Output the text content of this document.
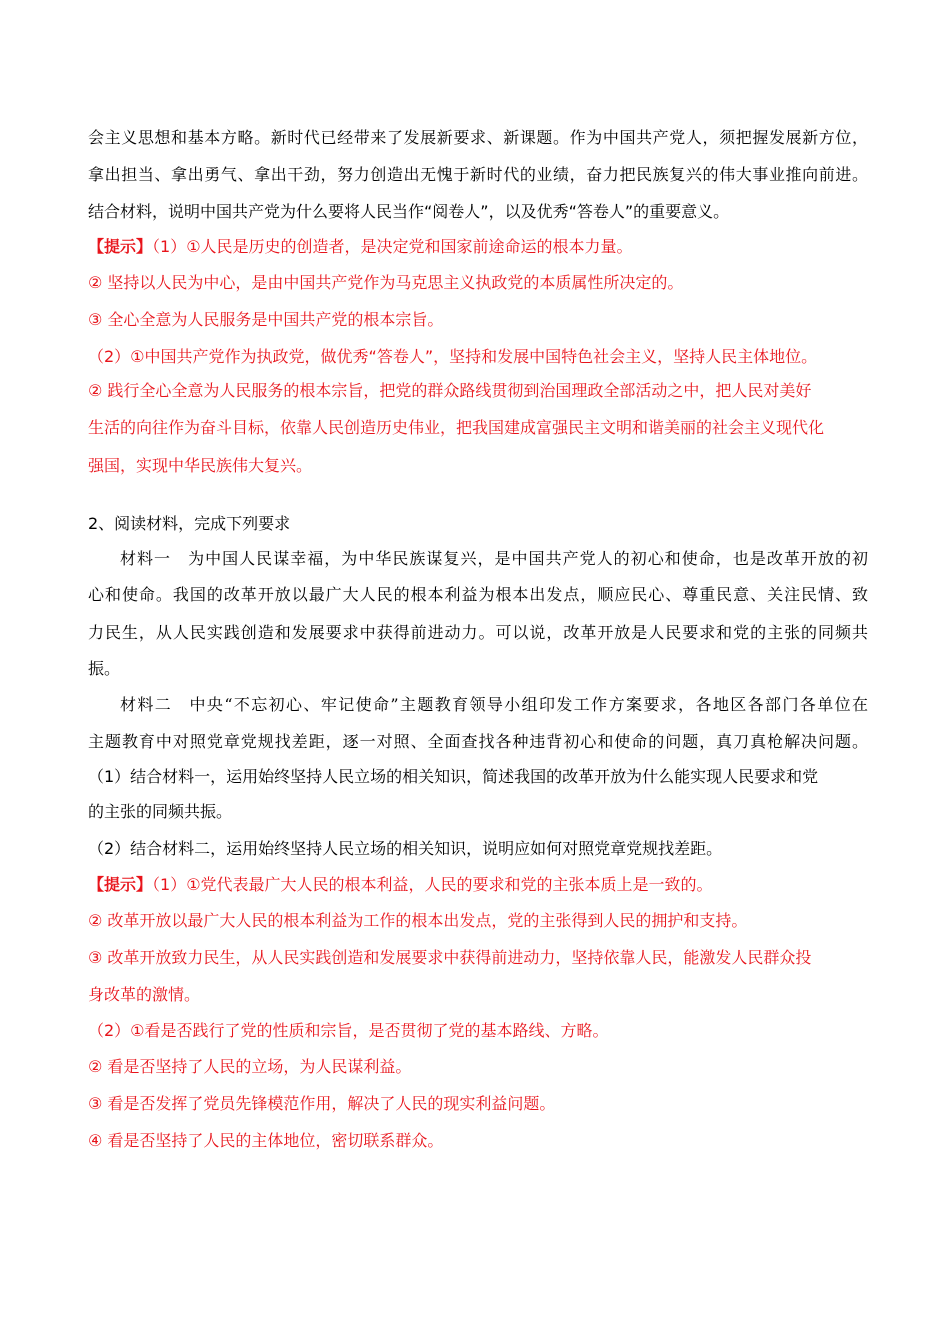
会主义思想和基本方略。新时代已经带来了发展新要求、新课题。作为中国共产党人，须把握发展新方位，
拿出担当、拿出勇气、拿出干劲，努力创造出无愧于新时代的业绩，奋力把民族复兴的伟大事业推向前进。
结合材料，说明中国共产党为什么要将人民当作“阅卷人”，以及优秀“答卷人”的重要意义。
【提示】（1）①人民是历史的创造者，是决定党和国家前途命运的根本力量。
② 坚持以人民为中心，是由中国共产党作为马克思主义执政党的本质属性所决定的。
③ 全心全意为人民服务是中国共产党的根本宗旨。
（2）①中国共产党作为执政党，做优秀“答卷人”，坚持和发展中国特色社会主义，坚持人民主体地位。
② 践行全心全意为人民服务的根本宗旨，把党的群众路线贯彻到治国理政全部活动之中，把人民对美好
生活的向往作为奋斗目标，依靠人民创造历史伟业，把我国建成富强民主文明和谐美丽的社会主义现代化
强国，实现中华民族伟大复兴。
2、阅读材料，完成下列要求
材料一　为中国人民谋幸福，为中华民族谋复兴，是中国共产党人的初心和使命，也是改革开放的初
心和使命。我国的改革开放以最广大人民的根本利益为根本出发点，顺应民心、尊重民意、关注民情、致
力民生，从人民实践创造和发展要求中获得前进动力。可以说，改革开放是人民要求和党的主张的同频共
振。
材料二　中央“不忘初心、牢记使命”主题教育领导小组印发工作方案要求，各地区各部门各单位在
主题教育中对照党章党规找差距，逐一对照、全面查找各种违背初心和使命的问题，真刀真枪解决问题。
（1）结合材料一，运用始终坚持人民立场的相关知识，简述我国的改革开放为什么能实现人民要求和党
的主张的同频共振。
（2）结合材料二，运用始终坚持人民立场的相关知识，说明应如何对照党章党规找差距。
【提示】（1）①党代表最广大人民的根本利益，人民的要求和党的主张本质上是一致的。
② 改革开放以最广大人民的根本利益为工作的根本出发点，党的主张得到人民的拥护和支持。
③ 改革开放致力民生，从人民实践创造和发展要求中获得前进动力，坚持依靠人民，能激发人民群众投
身改革的激情。
（2）①看是否践行了党的性质和宗旨，是否贯彻了党的基本路线、方略。
② 看是否坚持了人民的立场，为人民谋利益。
③ 看是否发挥了党员先锋模范作用，解决了人民的现实利益问题。
④ 看是否坚持了人民的主体地位，密切联系群众。
